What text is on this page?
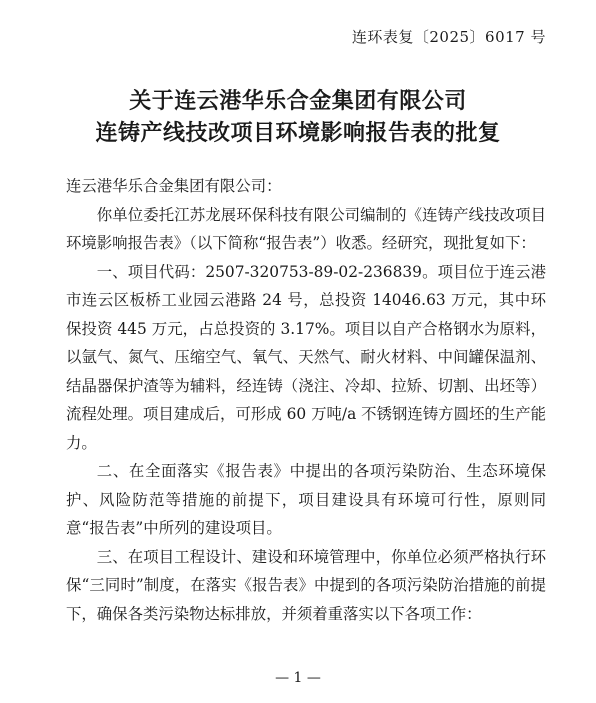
连环表复〔2025〕6017 号
关于连云港华乐合金集团有限公司
连铸产线技改项目环境影响报告表的批复

连云港华乐合金集团有限公司：

你单位委托江苏龙展环保科技有限公司编制的《连铸产线技改项目环境影响报告表》（以下简称“报告表”）收悉。经研究，现批复如下：

一、项目代码：2507-320753-89-02-236839。项目位于连云港市连云区板桥工业园云港路 24 号，总投资 14046.63 万元，其中环保投资 445 万元，占总投资的 3.17%。项目以自产合格钢水为原料，以氩气、氮气、压缩空气、氧气、天然气、耐火材料、中间罐保温剂、结晶器保护渣等为辅料，经连铸（浇注、冷却、拉矫、切割、出坯等）流程处理。项目建成后，可形成 60 万吨/a 不锈钢连铸方圆坯的生产能力。

二、在全面落实《报告表》中提出的各项污染防治、生态环境保护、风险防范等措施的前提下，项目建设具有环境可行性，原则同意“报告表”中所列的建设项目。

三、在项目工程设计、建设和环境管理中，你单位必须严格执行环保“三同时”制度，在落实《报告表》中提到的各项污染防治措施的前提下，确保各类污染物达标排放，并须着重落实以下各项工作：

— 1 —
